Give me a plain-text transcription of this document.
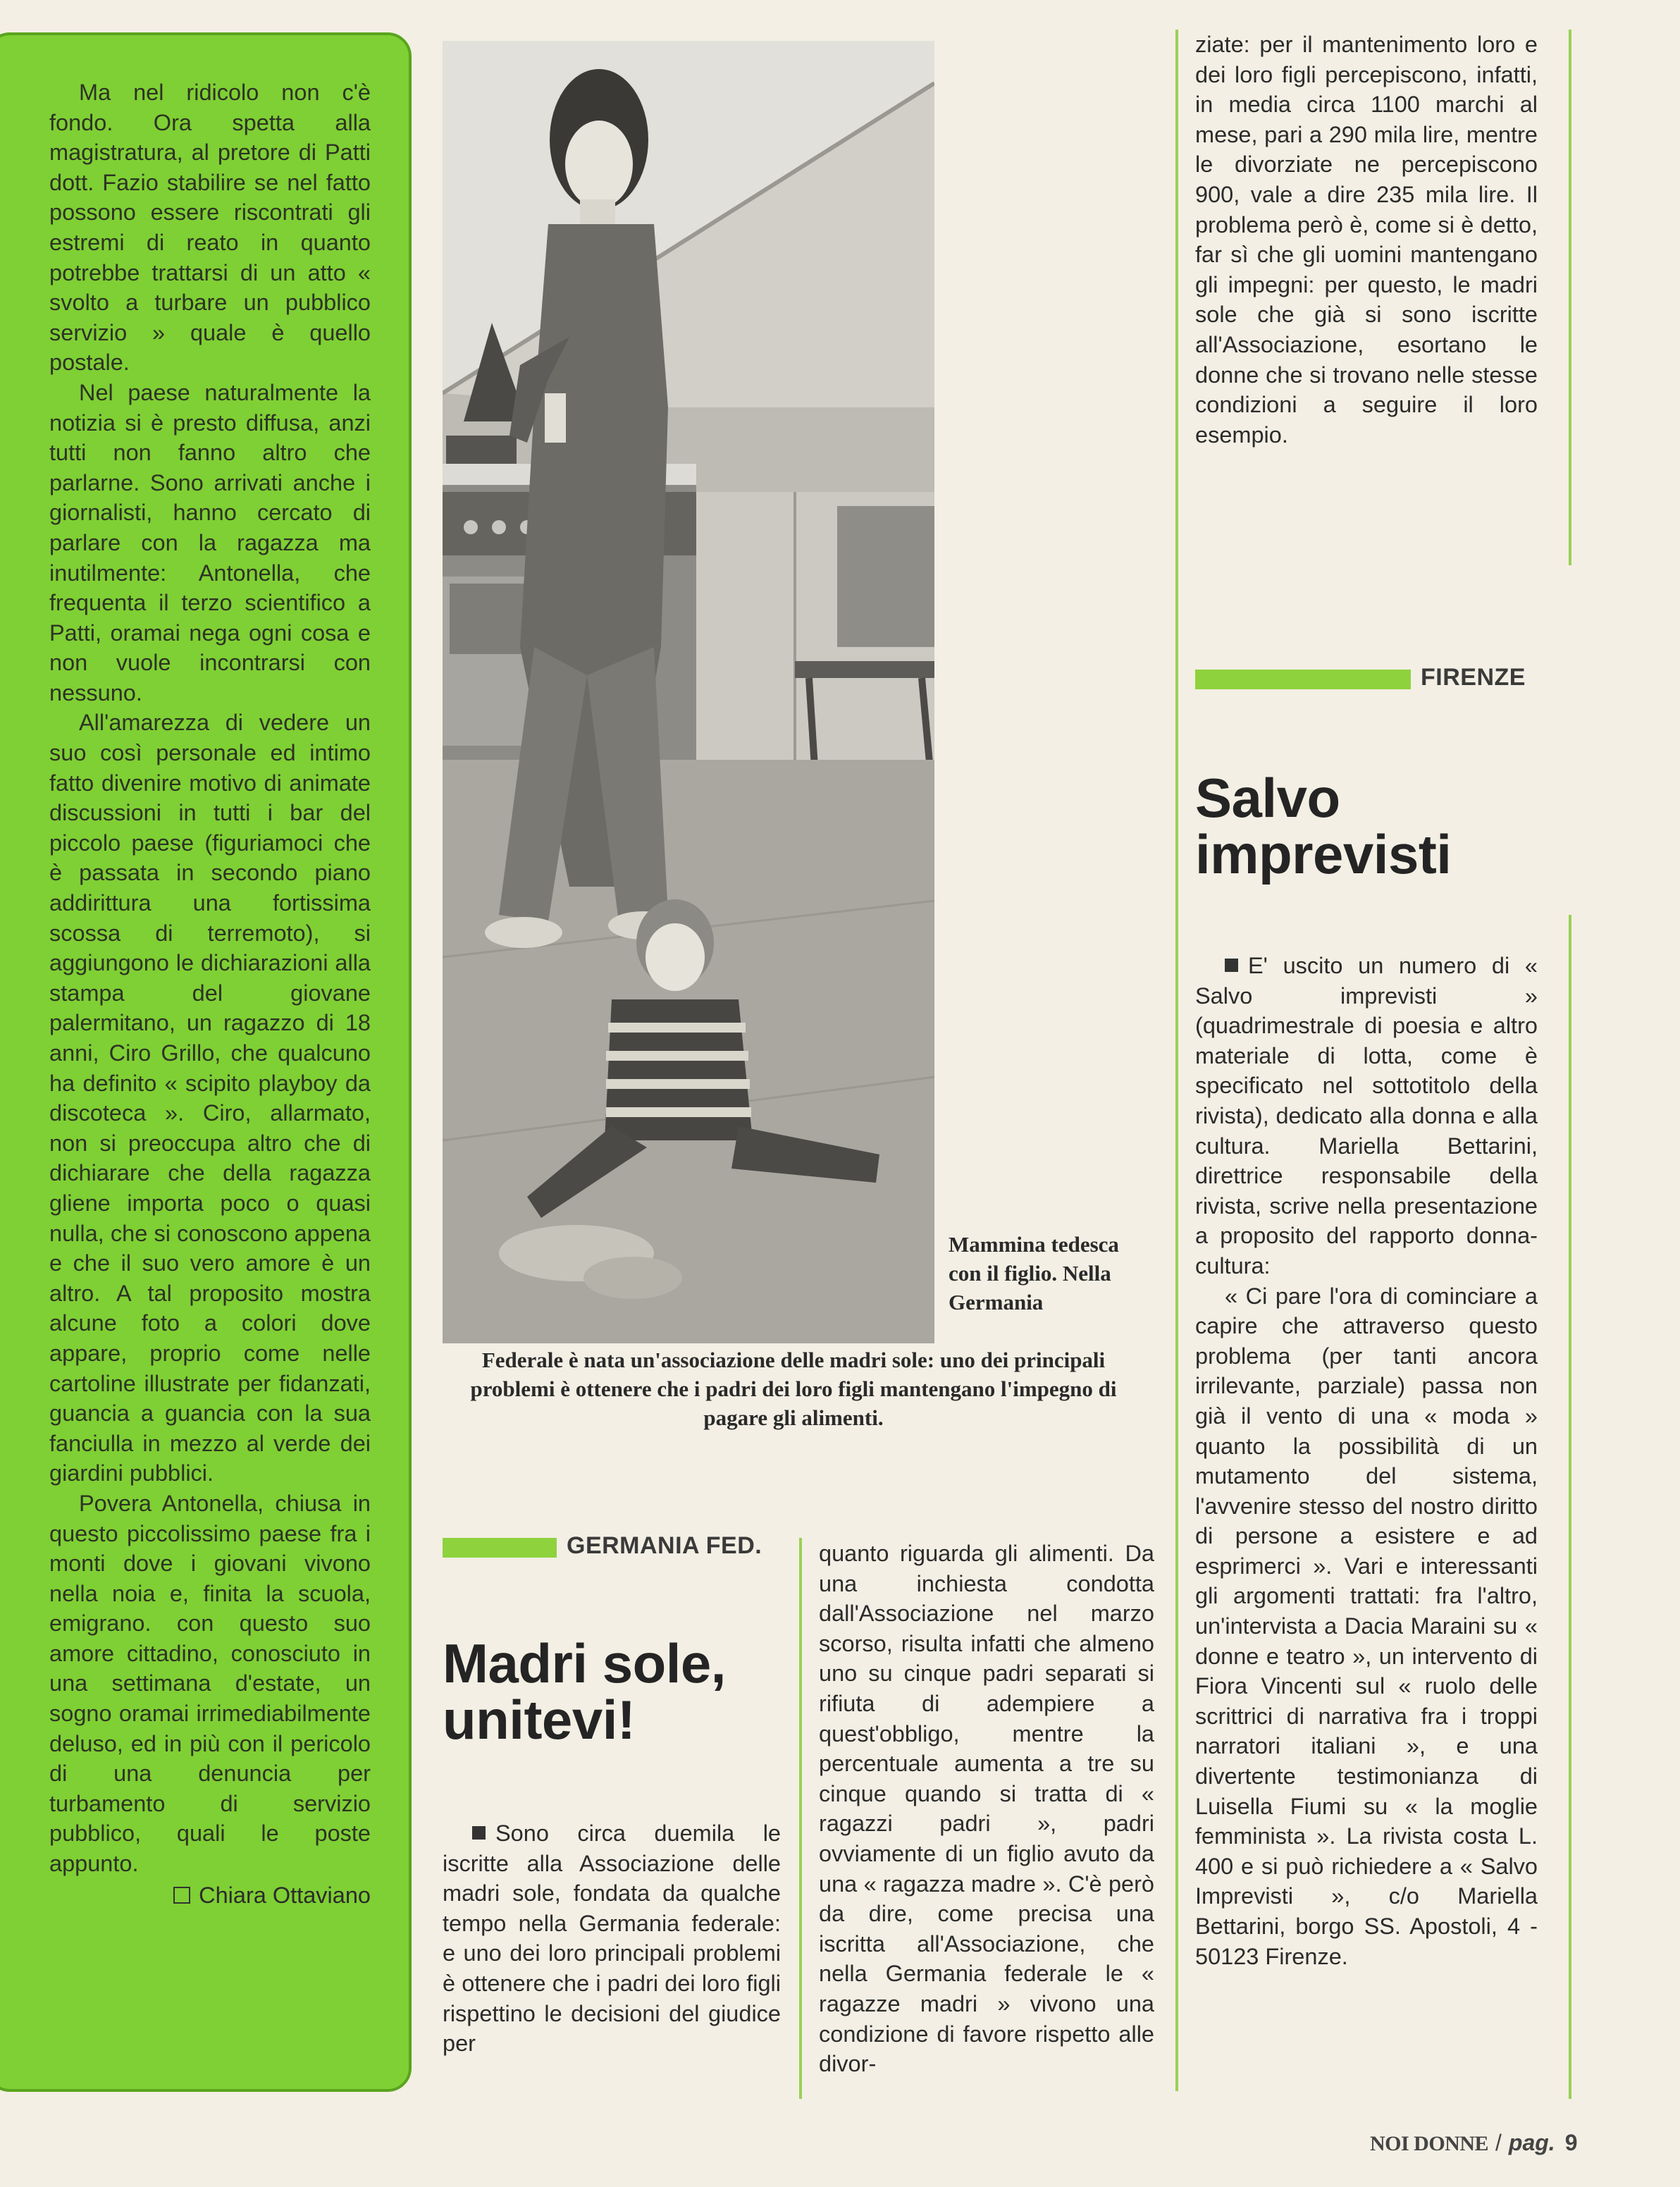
Ma nel ridicolo non c'è fondo. Ora spetta alla magistratura, al pretore di Patti dott. Fazio stabilire se nel fatto possono essere riscontrati gli estremi di reato in quanto potrebbe trattarsi di un atto « svolto a turbare un pubblico servizio » quale è quello postale.

Nel paese naturalmente la notizia si è presto diffusa, anzi tutti non fanno altro che parlarne. Sono arrivati anche i giornalisti, hanno cercato di parlare con la ragazza ma inutilmente: Antonella, che frequenta il terzo scientifico a Patti, oramai nega ogni cosa e non vuole incontrarsi con nessuno.

All'amarezza di vedere un suo così personale ed intimo fatto divenire motivo di animate discussioni in tutti i bar del piccolo paese (figuriamoci che è passata in secondo piano addirittura una fortissima scossa di terremoto), si aggiungono le dichiarazioni alla stampa del giovane palermitano, un ragazzo di 18 anni, Ciro Grillo, che qualcuno ha definito « scipito playboy da discoteca ». Ciro, allarmato, non si preoccupa altro che di dichiarare che della ragazza gliene importa poco o quasi nulla, che si conoscono appena e che il suo vero amore è un altro. A tal proposito mostra alcune foto a colori dove appare, proprio come nelle cartoline illustrate per fidanzati, guancia a guancia con la sua fanciulla in mezzo al verde dei giardini pubblici.

Povera Antonella, chiusa in questo piccolissimo paese fra i monti dove i giovani vivono nella noia e, finita la scuola, emigrano. con questo suo amore cittadino, conosciuto in una settimana d'estate, un sogno oramai irrimediabilmente deluso, ed in più con il pericolo di una denuncia per turbamento di servizio pubblico, quali le poste appunto.

Chiara Ottaviano
Mammina tedesca con il figlio. Nella Germania
Federale è nata un'associazione delle madri sole: uno dei principali problemi è ottenere che i padri dei loro figli mantengano l'impegno di pagare gli alimenti.
GERMANIA FED.
Madri sole, unitevi!

Sono circa duemila le iscritte alla Associazione delle madri sole, fondata da qualche tempo nella Germania federale: e uno dei loro principali problemi è ottenere che i padri dei loro figli rispettino le decisioni del giudice per

quanto riguarda gli alimenti. Da una inchiesta condotta dall'Associazione nel marzo scorso, risulta infatti che almeno uno su cinque padri separati si rifiuta di adempiere a quest'obbligo, mentre la percentuale aumenta a tre su cinque quando si tratta di « ragazzi padri », padri ovviamente di un figlio avuto da una « ragazza madre ». C'è però da dire, come precisa una iscritta all'Associazione, che nella Germania federale le « ragazze madri » vivono una condizione di favore rispetto alle divor-

ziate: per il mantenimento loro e dei loro figli percepiscono, infatti, in media circa 1100 marchi al mese, pari a 290 mila lire, mentre le divorziate ne percepiscono 900, vale a dire 235 mila lire. Il problema però è, come si è detto, far sì che gli uomini mantengano gli impegni: per questo, le madri sole che già si sono iscritte all'Associazione, esortano le donne che si trovano nelle stesse condizioni a seguire il loro esempio.

FIRENZE
Salvo imprevisti

E' uscito un numero di « Salvo imprevisti » (quadrimestrale di poesia e altro materiale di lotta, come è specificato nel sottotitolo della rivista), dedicato alla donna e alla cultura. Mariella Bettarini, direttrice responsabile della rivista, scrive nella presentazione a proposito del rapporto donna-cultura:

« Ci pare l'ora di cominciare a capire che attraverso questo problema (per tanti ancora irrilevante, parziale) passa non già il vento di una « moda » quanto la possibilità di un mutamento del sistema, l'avvenire stesso del nostro diritto di persone a esistere e ad esprimerci ». Vari e interessanti gli argomenti trattati: fra l'altro, un'intervista a Dacia Maraini su « donne e teatro », un intervento di Fiora Vincenti sul « ruolo delle scrittrici di narrativa fra i troppi narratori italiani », e una divertente testimonianza di Luisella Fiumi su « la moglie femminista ». La rivista costa L. 400 e si può richiedere a « Salvo Imprevisti », c/o Mariella Bettarini, borgo SS. Apostoli, 4 - 50123 Firenze.

NOI DONNE / pag. 9
